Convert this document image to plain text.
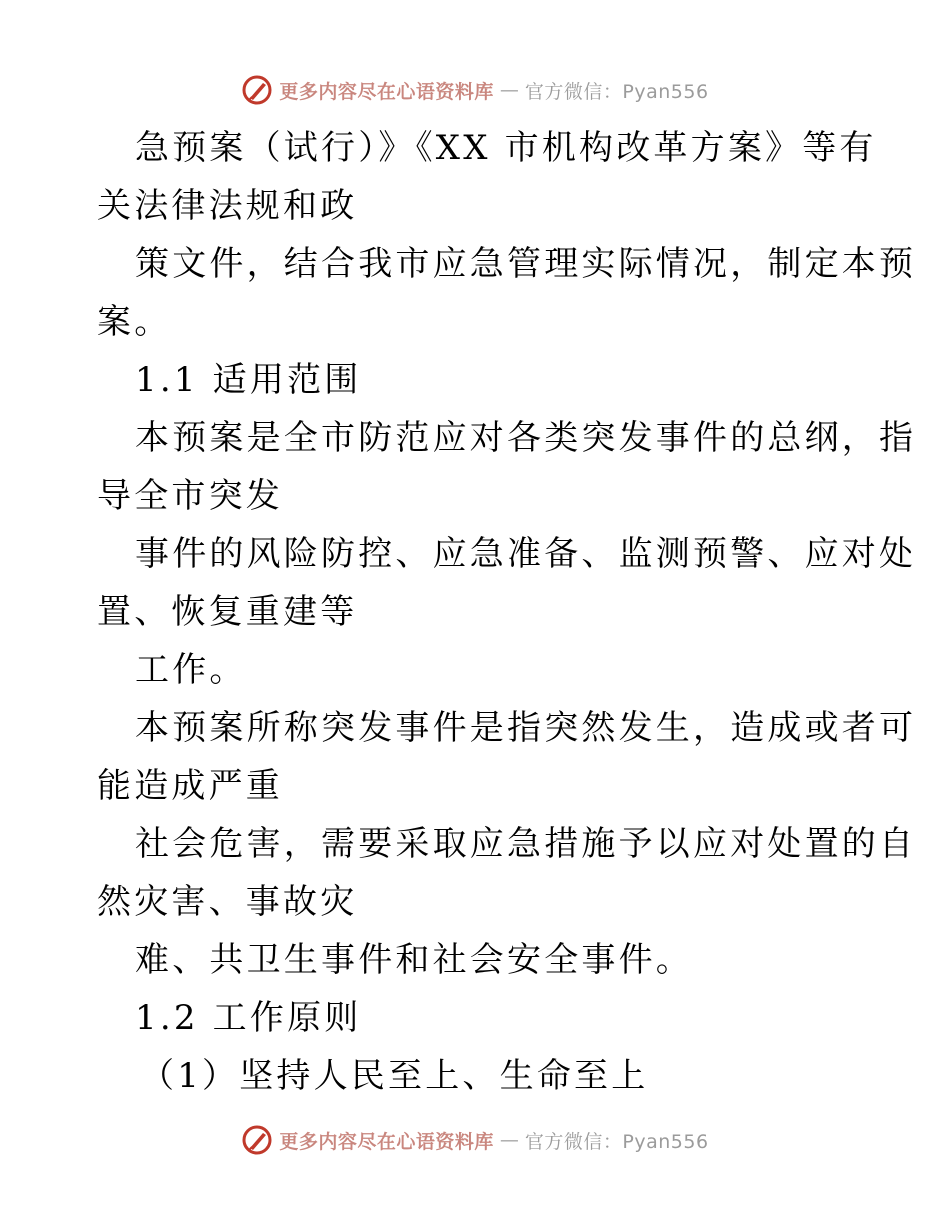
更多内容尽在心语资料库 — 官方微信：Pyan556
急预案（试行）》《XX 市机构改革方案》等有
关法律法规和政
策文件，结合我市应急管理实际情况，制定本预
案。
1.1 适用范围
本预案是全市防范应对各类突发事件的总纲，指
导全市突发
事件的风险防控、应急准备、监测预警、应对处
置、恢复重建等
工作。
本预案所称突发事件是指突然发生，造成或者可
能造成严重
社会危害，需要采取应急措施予以应对处置的自
然灾害、事故灾
难、共卫生事件和社会安全事件。
1.2 工作原则
（1）坚持人民至上、生命至上
更多内容尽在心语资料库 — 官方微信：Pyan556
